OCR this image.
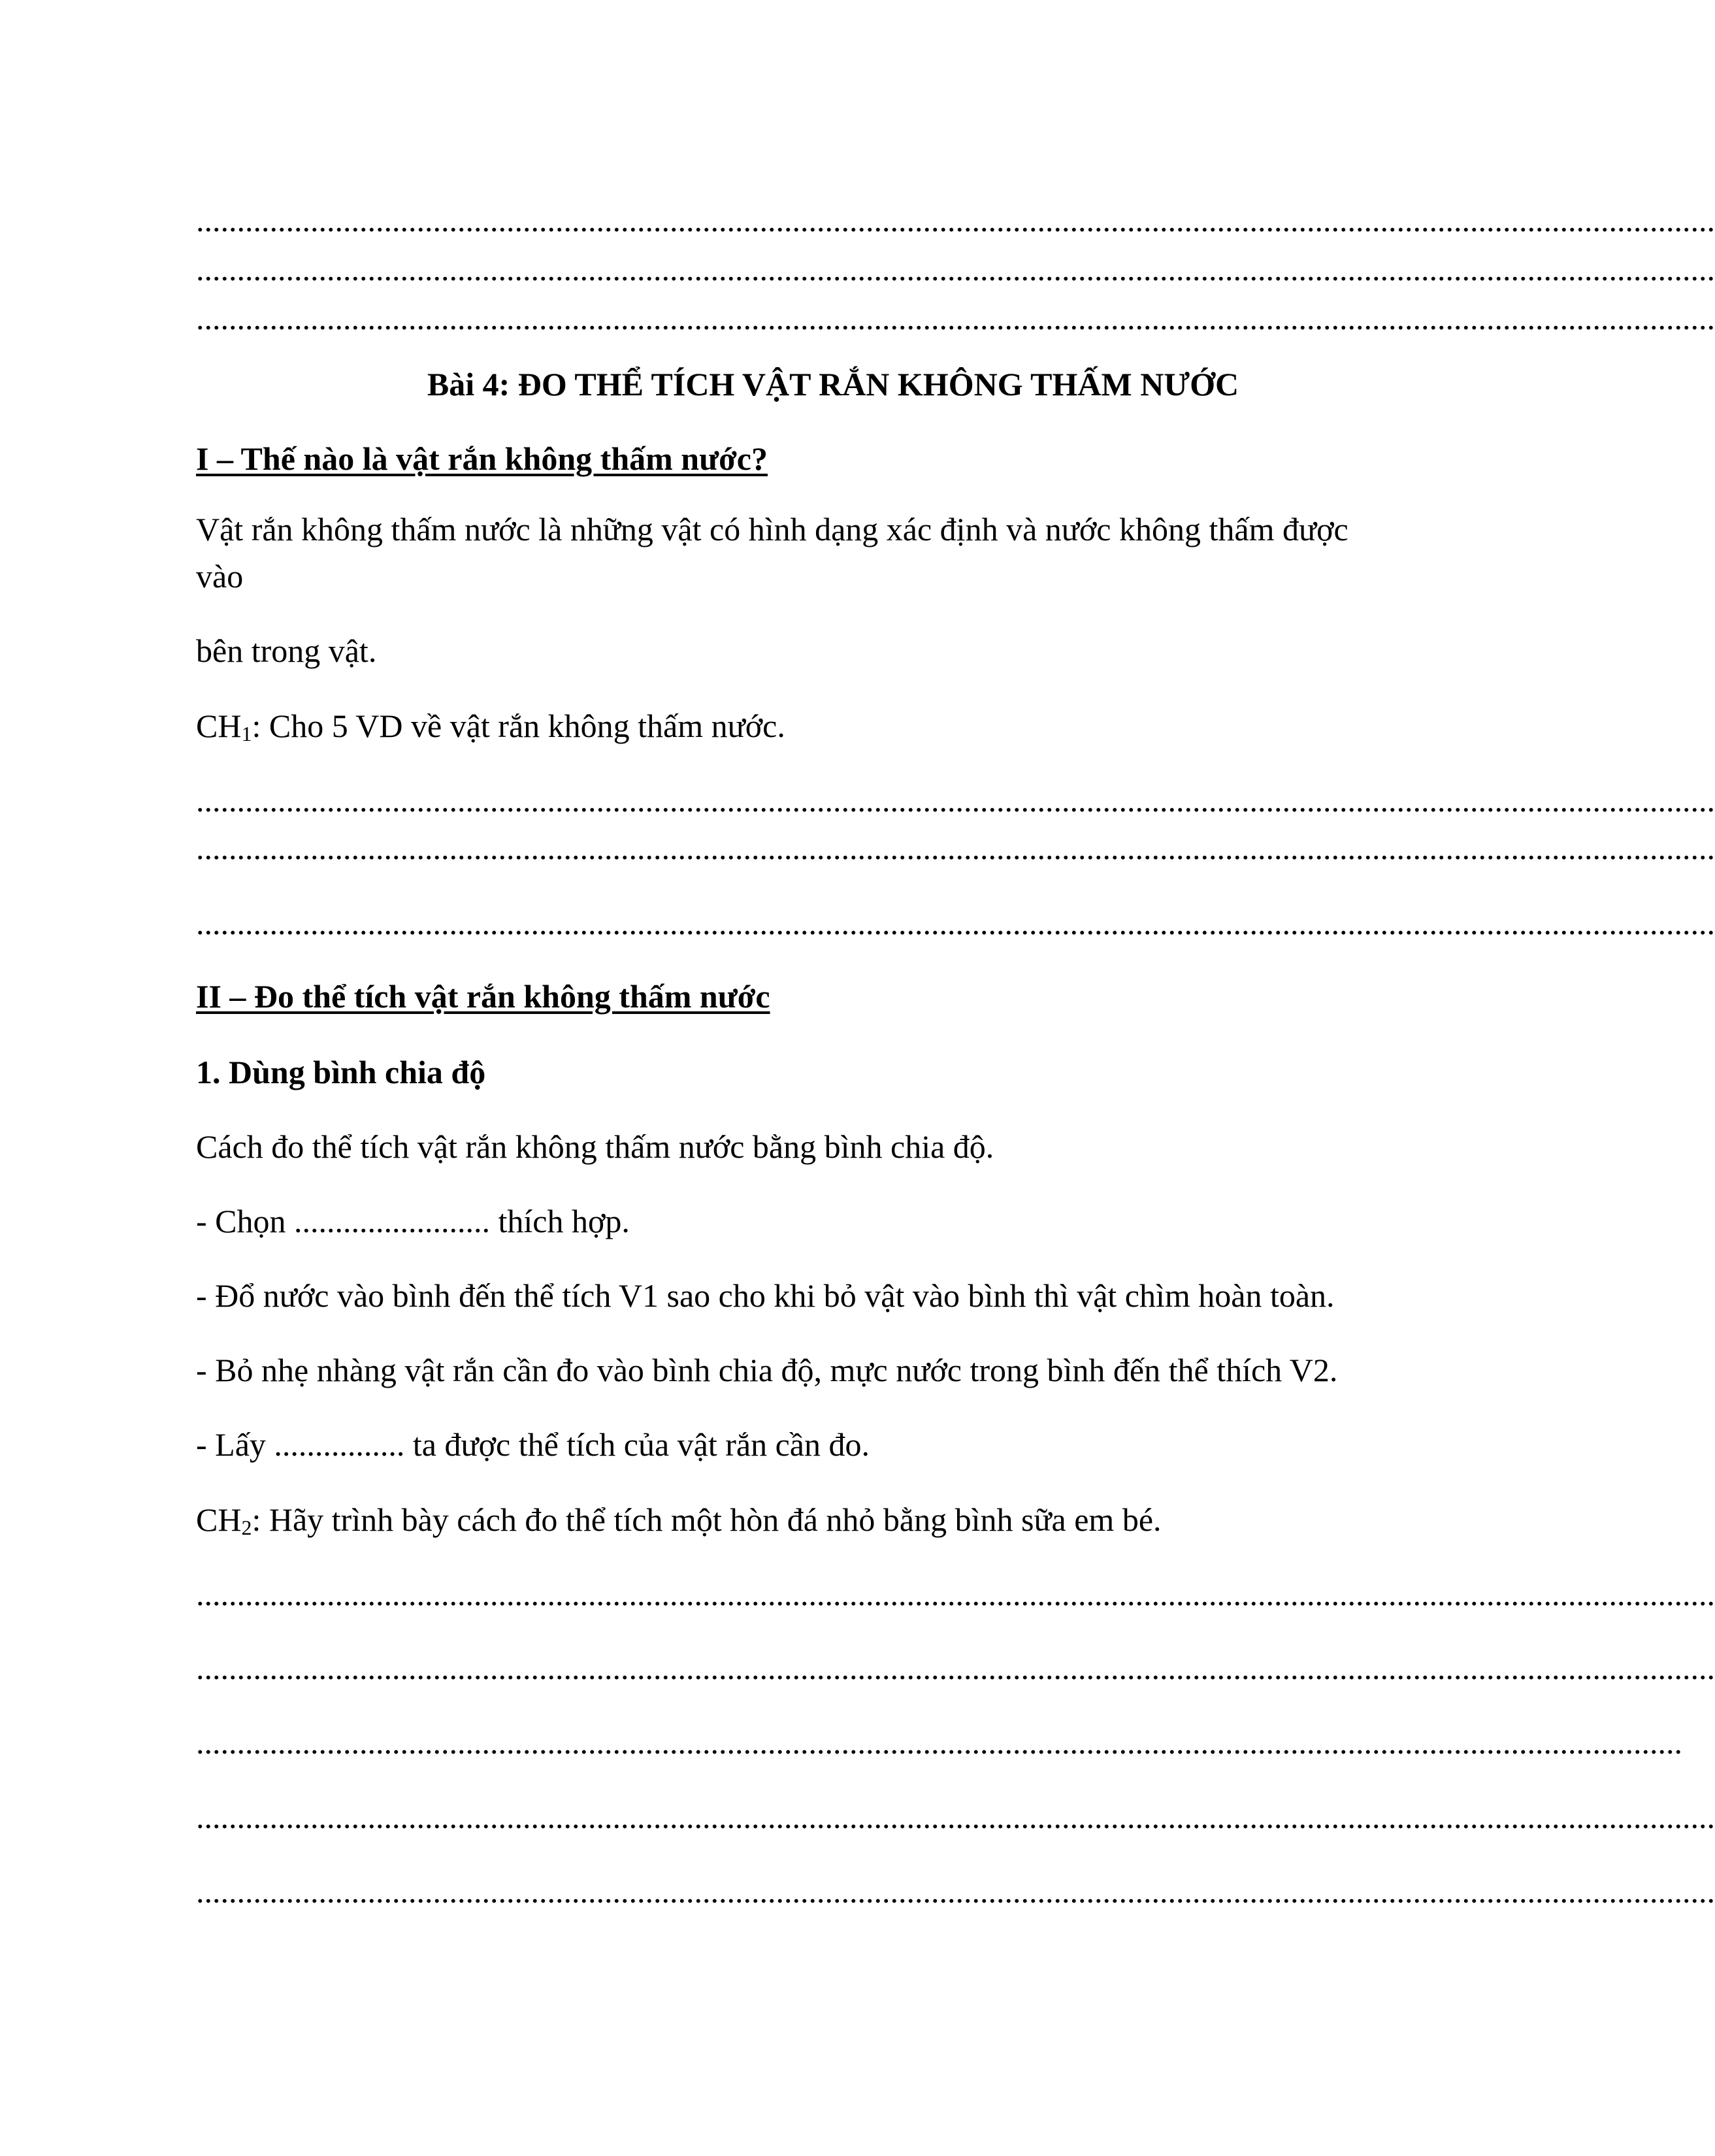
..........................................................................................................................................................................................

..........................................................................................................................................................................................

..........................................................................................................................................................................................

Bài 4: ĐO THỂ TÍCH VẬT RẮN KHÔNG THẤM NƯỚC

I – Thế nào là vật rắn không thấm nước?

Vật rắn không thấm nước là những vật có hình dạng xác định và nước không thấm được

vào

bên trong vật.

$CH_1$: Cho 5 VD về vật rắn không thấm nước.

..........................................................................................................................................................................................

..........................................................................................................................................................................................

..........................................................................................................................................................................................

II – Đo thể tích vật rắn không thấm nước

1. Dùng bình chia độ

Cách đo thể tích vật rắn không thấm nước bằng bình chia độ.

- Chọn ........................ thích hợp.

- Đổ nước vào bình đến thể tích V1 sao cho khi bỏ vật vào bình thì vật chìm hoàn toàn.

- Bỏ nhẹ nhàng vật rắn cần đo vào bình chia độ, mực nước trong bình đến thể thích V2.

- Lấy ................ ta được thể tích của vật rắn cần đo.

$CH_2$: Hãy trình bày cách đo thể tích một hòn đá nhỏ bằng bình sữa em bé.

..........................................................................................................................................................................................

..........................................................................................................................................................................................

......................................................................................................................................................................................

..........................................................................................................................................................................................

..........................................................................................................................................................................................
